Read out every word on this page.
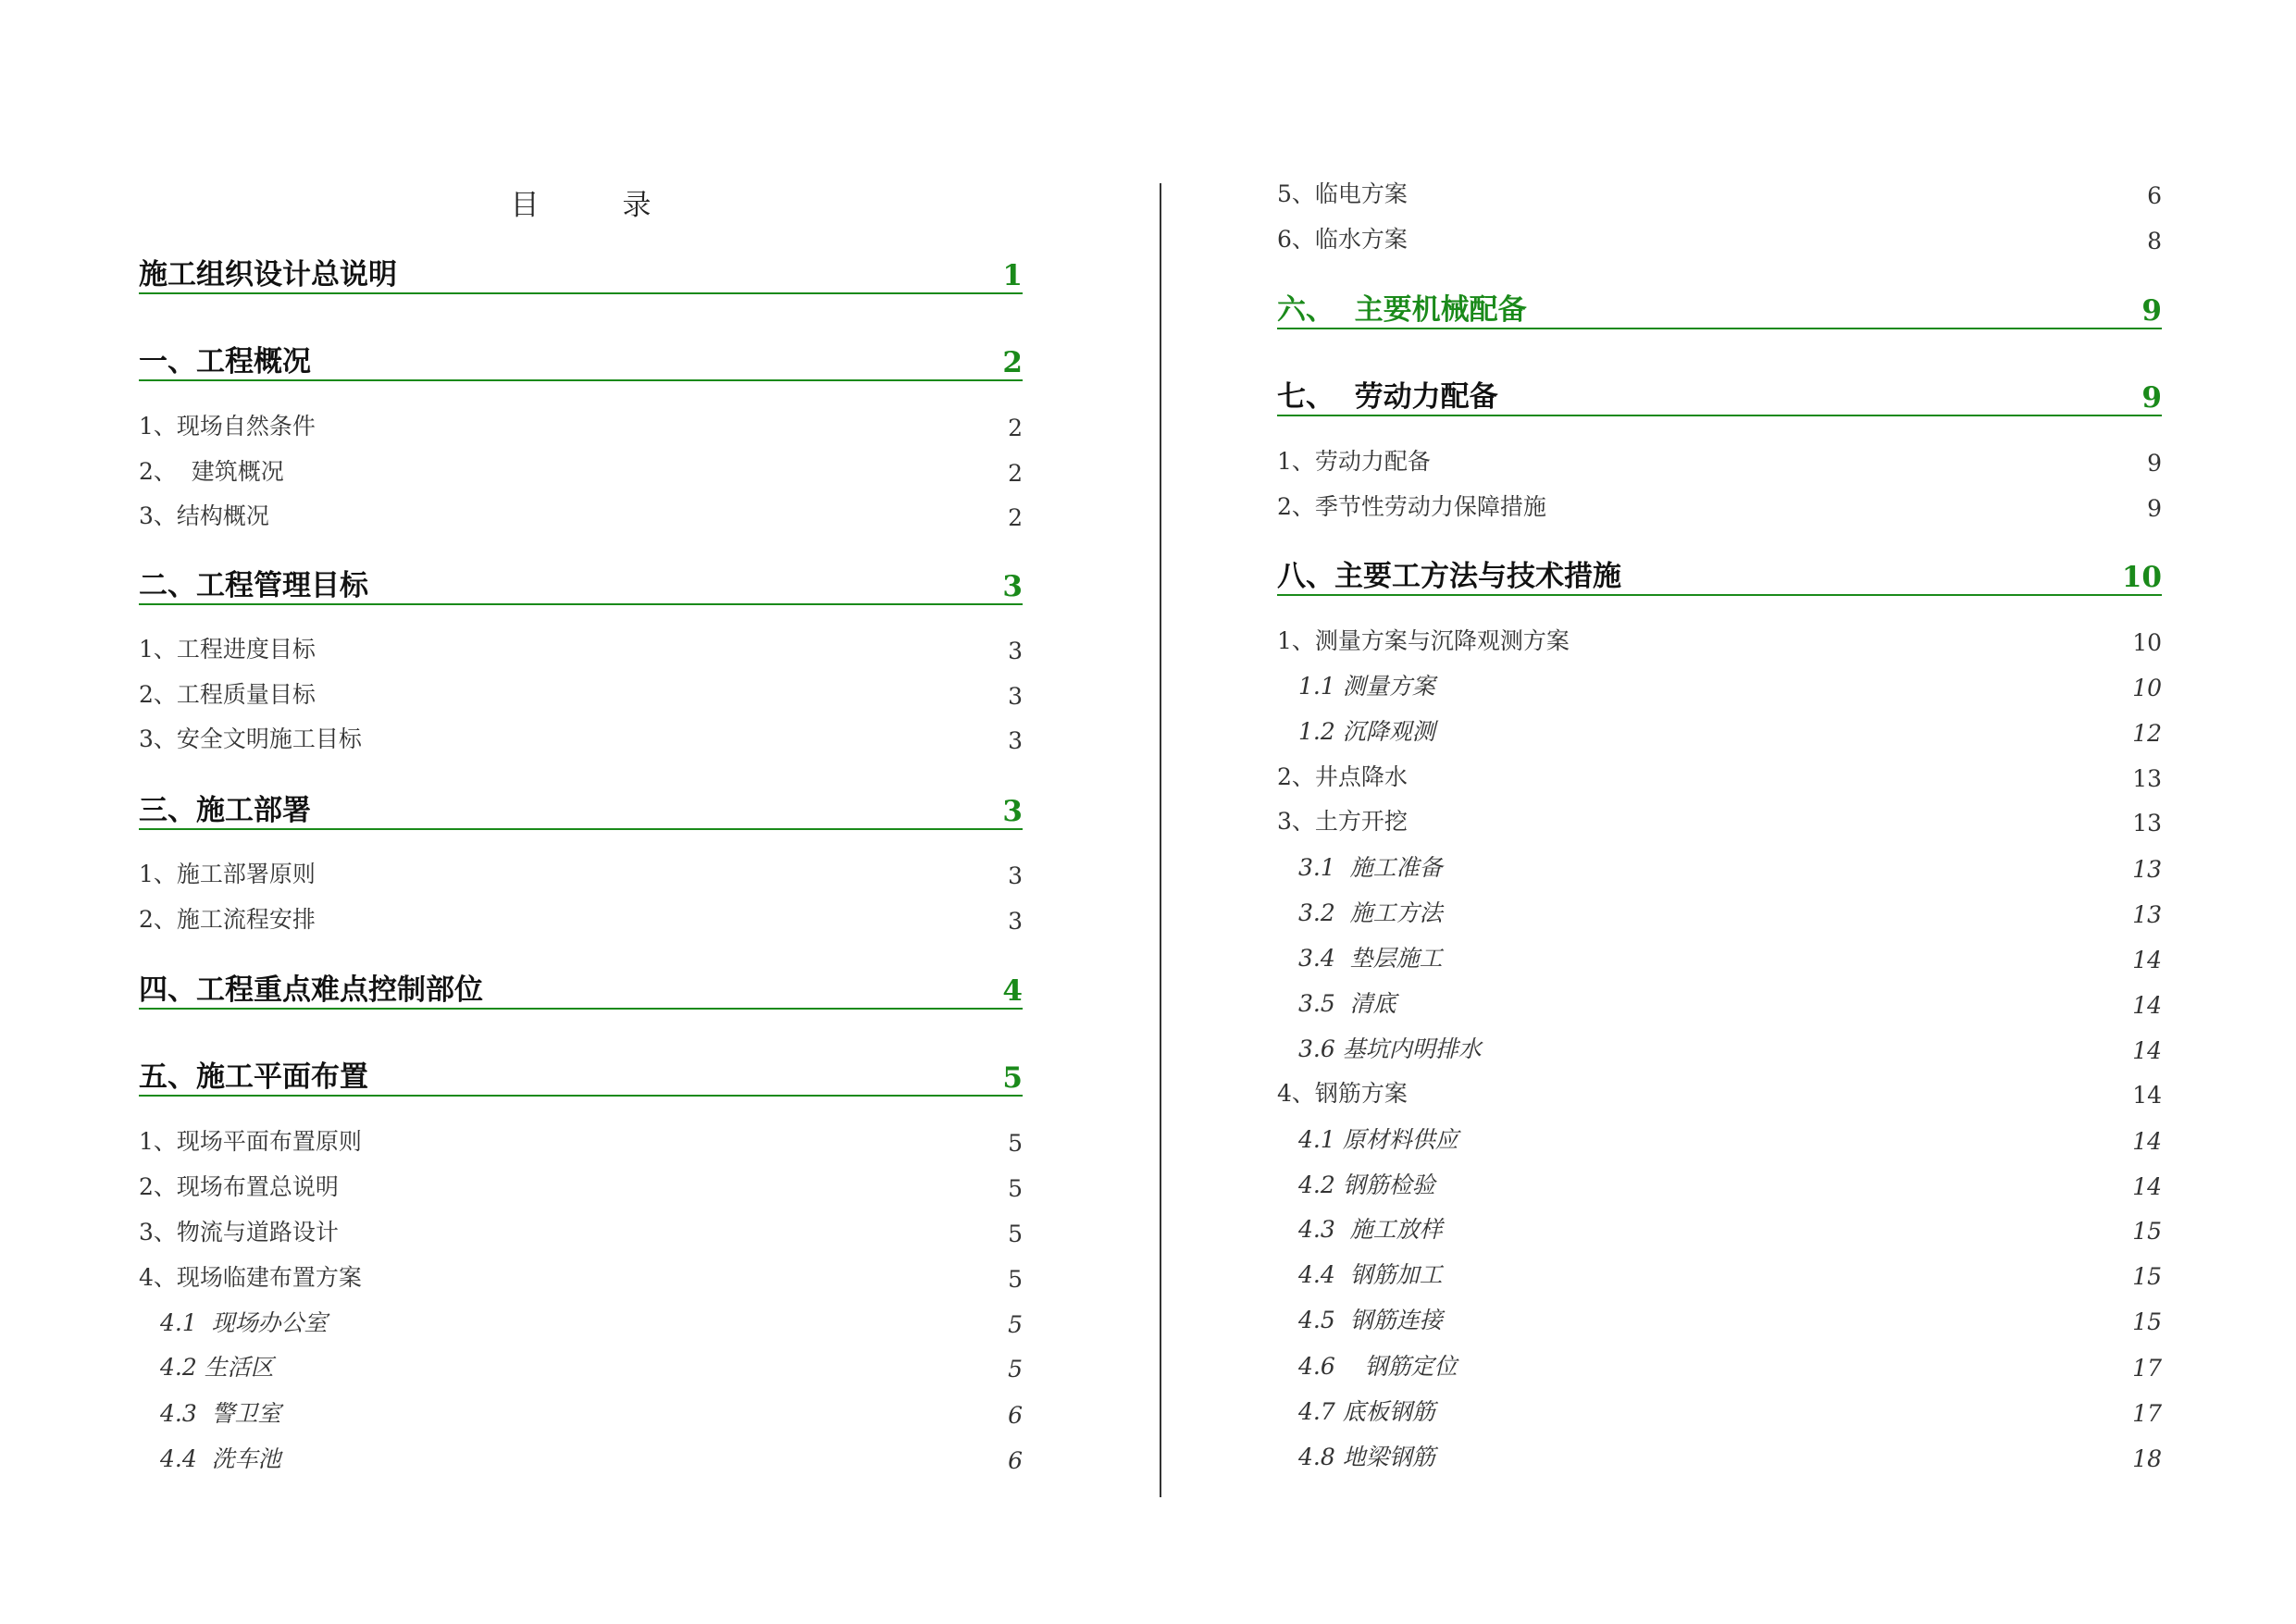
目	录
施工组织设计总说明	1
一、工程概况	2
1、现场自然条件	2
2、  建筑概况	2
3、结构概况	2
二、工程管理目标	3
1、工程进度目标	3
2、工程质量目标	3
3、安全文明施工目标	3
三、施工部署	3
1、施工部署原则	3
2、施工流程安排	3
四、工程重点难点控制部位	4
五、施工平面布置	5
1、现场平面布置原则	5
2、现场布置总说明	5
3、物流与道路设计	5
4、现场临建布置方案	5
4.1  现场办公室	5
4.2 生活区	5
4.3  警卫室	6
4.4  洗车池	6
5、临电方案	6
6、临水方案	8
六、  主要机械配备	9
七、  劳动力配备	9
1、劳动力配备	9
2、季节性劳动力保障措施	9
八、主要工方法与技术措施	10
1、测量方案与沉降观测方案	10
1.1 测量方案	10
1.2 沉降观测	12
2、井点降水	13
3、土方开挖	13
3.1  施工准备	13
3.2  施工方法	13
3.4  垫层施工	14
3.5  清底	14
3.6 基坑内明排水	14
4、钢筋方案	14
4.1 原材料供应	14
4.2 钢筋检验	14
4.3  施工放样	15
4.4  钢筋加工	15
4.5  钢筋连接	15
4.6    钢筋定位	17
4.7 底板钢筋	17
4.8 地梁钢筋	18
